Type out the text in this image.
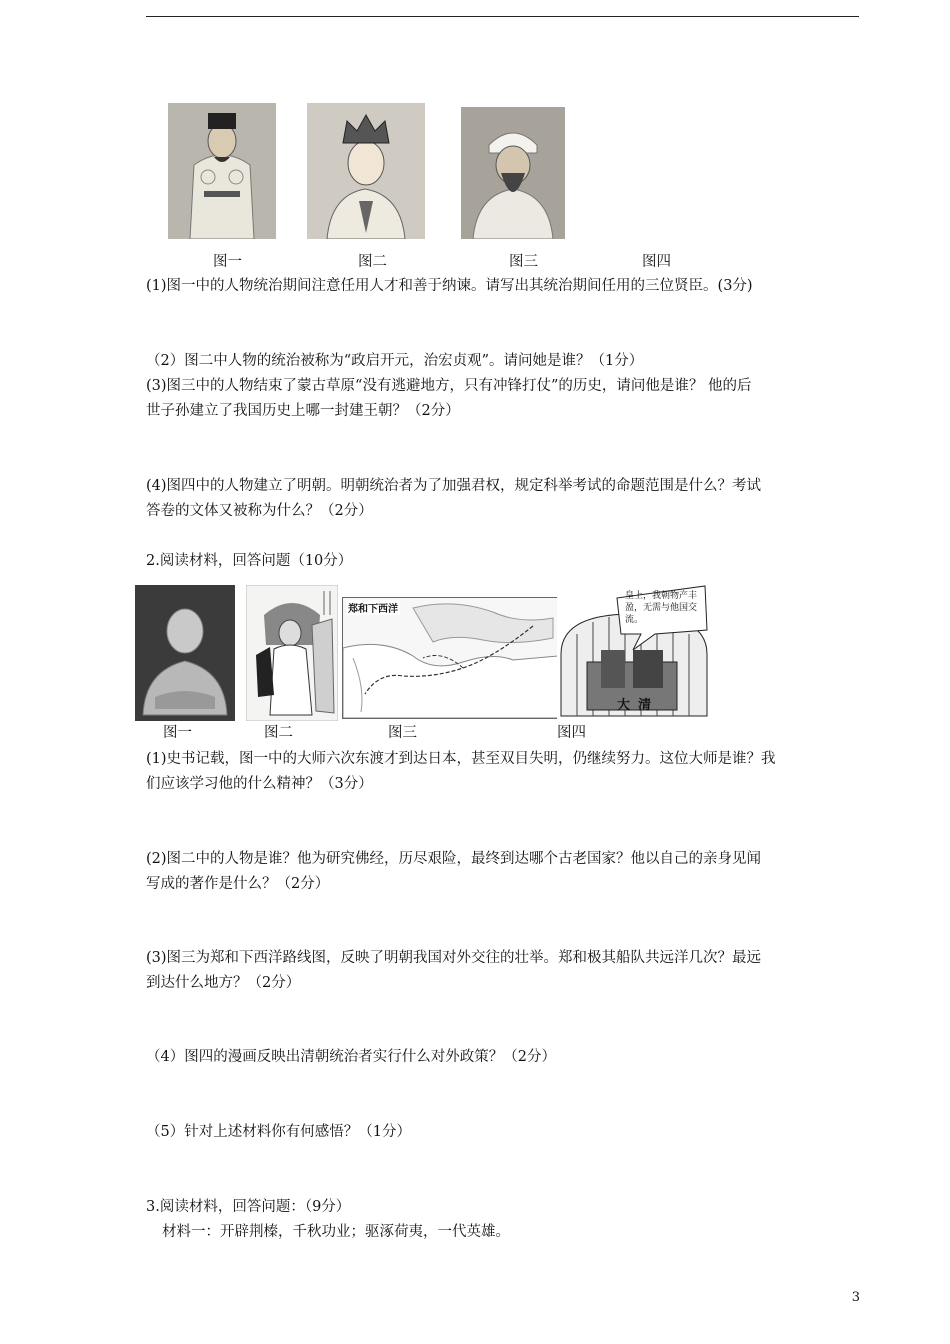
图一	图二	图三	图四
(1)图一中的人物统治期间注意任用人才和善于纳谏。请写出其统治期间任用的三位贤臣。(3分)
（2）图二中人物的统治被称为“政启开元，治宏贞观”。请问她是谁？（1分）
(3)图三中的人物结束了蒙古草原“没有逃避地方，只有冲锋打仗”的历史，请问他是谁？ 他的后
世子孙建立了我国历史上哪一封建王朝？（2分）
(4)图四中的人物建立了明朝。明朝统治者为了加强君权，规定科举考试的命题范围是什么？考试
答卷的文体又被称为什么？（2分）
2.阅读材料，回答问题（10分）
郑和下西洋
皇上，我朝物产丰盈，无需与他国交流。
大清
图一	图二	图三	图四
(1)史书记载，图一中的大师六次东渡才到达日本，甚至双目失明，仍继续努力。这位大师是谁？我
们应该学习他的什么精神？（3分）
(2)图二中的人物是谁？他为研究佛经，历尽艰险，最终到达哪个古老国家？他以自己的亲身见闻
写成的著作是什么？（2分）
(3)图三为郑和下西洋路线图，反映了明朝我国对外交往的壮举。郑和极其船队共远洋几次？最远
到达什么地方？（2分）
（4）图四的漫画反映出清朝统治者实行什么对外政策？（2分）
（5）针对上述材料你有何感悟？（1分）
3.阅读材料，回答问题：（9分）
材料一：开辟荆榛，千秋功业；驱涿荷夷，一代英雄。
3
